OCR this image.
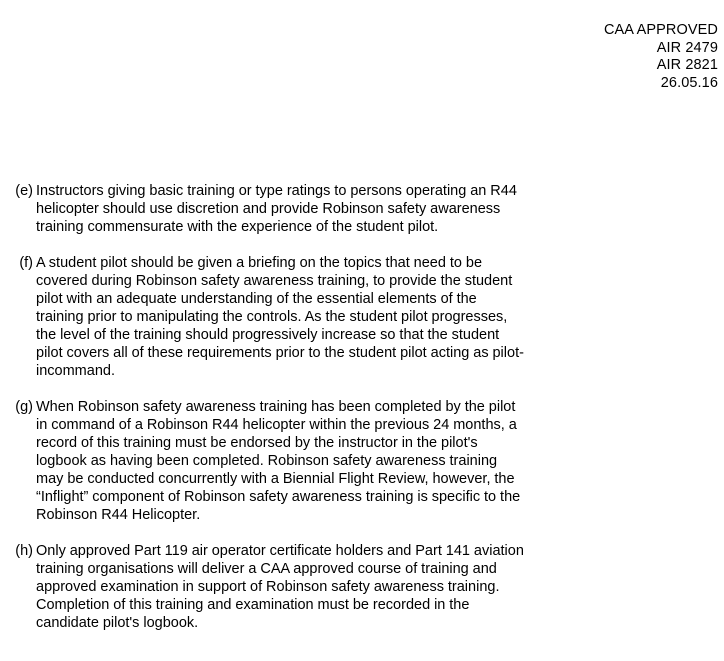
CAA APPROVED
AIR 2479
AIR 2821
26.05.16
(e) Instructors giving basic training or type ratings to persons operating an R44 helicopter should use discretion and provide Robinson safety awareness training commensurate with the experience of the student pilot.
(f) A student pilot should be given a briefing on the topics that need to be covered during Robinson safety awareness training, to provide the student pilot with an adequate understanding of the essential elements of the training prior to manipulating the controls. As the student pilot progresses, the level of the training should progressively increase so that the student pilot covers all of these requirements prior to the student pilot acting as pilot-incommand.
(g) When Robinson safety awareness training has been completed by the pilot in command of a Robinson R44 helicopter within the previous 24 months, a record of this training must be endorsed by the instructor in the pilot's logbook as having been completed. Robinson safety awareness training may be conducted concurrently with a Biennial Flight Review, however, the “Inflight” component of Robinson safety awareness training is specific to the Robinson R44 Helicopter.
(h) Only approved Part 119 air operator certificate holders and Part 141 aviation training organisations will deliver a CAA approved course of training and approved examination in support of Robinson safety awareness training. Completion of this training and examination must be recorded in the candidate pilot's logbook.
